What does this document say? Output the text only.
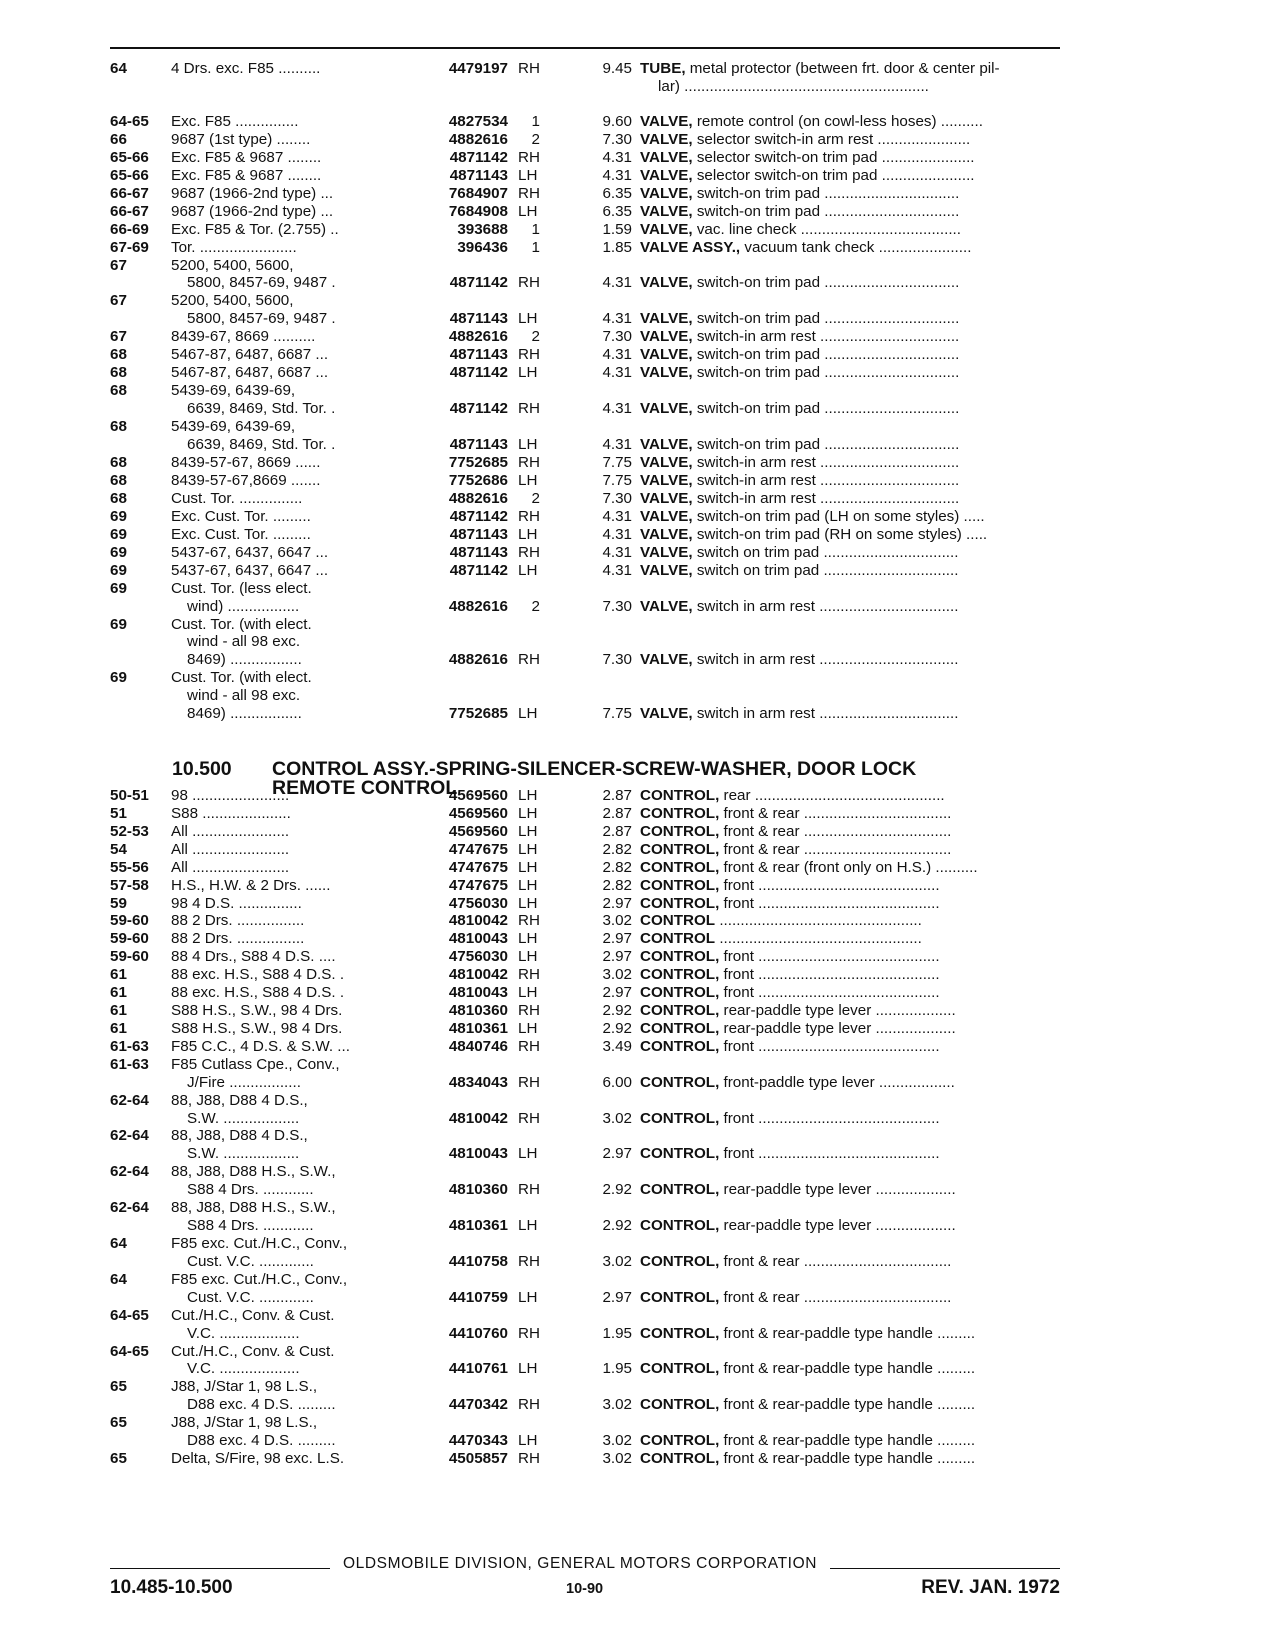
64	4 Drs. exc. F85 ..........	4479197 RH	9.45 TUBE, metal protector (between frt. door & center pil-
lar) ..........................................................
64-65 Exc. F85 ...............	4827534	1	9.60 VALVE, remote control (on cowl-less hoses) ..........
66	9687 (1st type) ........	4882616	2	7.30 VALVE, selector switch-in arm rest ......................
65-66 Exc. F85 & 9687 ........	4871142 RH	4.31 VALVE, selector switch-on trim pad ......................
65-66 Exc. F85 & 9687 ........	4871143 LH	4.31 VALVE, selector switch-on trim pad ......................
66-67 9687 (1966-2nd type) ...	7684907 RH	6.35 VALVE, switch-on trim pad ................................
66-67 9687 (1966-2nd type) ...	7684908 LH	6.35 VALVE, switch-on trim pad ................................
66-69 Exc. F85 & Tor. (2.755) ..	393688	1	1.59 VALVE, vac. line check ......................................
67-69 Tor. .......................	396436	1	1.85 VALVE ASSY., vacuum tank check ......................
67	5200, 5400, 5600,
5800, 8457-69, 9487 .	4871142 RH	4.31 VALVE, switch-on trim pad ................................
67	5200, 5400, 5600,
5800, 8457-69, 9487 .	4871143 LH	4.31 VALVE, switch-on trim pad ................................
67	8439-67, 8669 ..........	4882616	2	7.30 VALVE, switch-in arm rest .................................
68	5467-87, 6487, 6687 ...	4871143 RH	4.31 VALVE, switch-on trim pad ................................
68	5467-87, 6487, 6687 ...	4871142 LH	4.31 VALVE, switch-on trim pad ................................
68	5439-69, 6439-69,
6639, 8469, Std. Tor. .	4871142 RH	4.31 VALVE, switch-on trim pad ................................
68	5439-69, 6439-69,
6639, 8469, Std. Tor. .	4871143 LH	4.31 VALVE, switch-on trim pad ................................
68	8439-57-67, 8669 ......	7752685 RH	7.75 VALVE, switch-in arm rest .................................
68	8439-57-67,8669 .......	7752686 LH	7.75 VALVE, switch-in arm rest .................................
68	Cust. Tor. ...............	4882616	2	7.30 VALVE, switch-in arm rest .................................
69	Exc. Cust. Tor. .........	4871142 RH	4.31 VALVE, switch-on trim pad (LH on some styles) .....
69	Exc. Cust. Tor. .........	4871143 LH	4.31 VALVE, switch-on trim pad (RH on some styles) .....
69	5437-67, 6437, 6647 ...	4871143 RH	4.31 VALVE, switch on trim pad ................................
69	5437-67, 6437, 6647 ...	4871142 LH	4.31 VALVE, switch on trim pad ................................
69	Cust. Tor. (less elect.
wind) .................	4882616	2	7.30 VALVE, switch in arm rest .................................
69	Cust. Tor. (with elect.
wind - all 98 exc.
8469) .................	4882616 RH	7.30 VALVE, switch in arm rest .................................
69	Cust. Tor. (with elect.
wind - all 98 exc.
8469) .................	7752685 LH	7.75 VALVE, switch in arm rest .................................
10.500 CONTROL ASSY.-SPRING-SILENCER-SCREW-WASHER, DOOR LOCK
REMOTE CONTROL
50-51 98 .......................	4569560 LH	2.87 CONTROL, rear .............................................
51	S88 .....................	4569560 LH	2.87 CONTROL, front & rear ...................................
52-53 All .......................	4569560 LH	2.87 CONTROL, front & rear ...................................
54	All .......................	4747675 LH	2.82 CONTROL, front & rear ...................................
55-56 All .......................	4747675 LH	2.82 CONTROL, front & rear (front only on H.S.) ..........
57-58 H.S., H.W. & 2 Drs. ......	4747675 LH	2.82 CONTROL, front ...........................................
59	98 4 D.S. ...............	4756030 LH	2.97 CONTROL, front ...........................................
59-60 88 2 Drs. ................	4810042 RH	3.02 CONTROL ................................................
59-60 88 2 Drs. ................	4810043 LH	2.97 CONTROL ................................................
59-60 88 4 Drs., S88 4 D.S. ....	4756030 LH	2.97 CONTROL, front ...........................................
61	88 exc. H.S., S88 4 D.S. .	4810042 RH	3.02 CONTROL, front ...........................................
61	88 exc. H.S., S88 4 D.S. .	4810043 LH	2.97 CONTROL, front ...........................................
61	S88 H.S., S.W., 98 4 Drs.	4810360 RH	2.92 CONTROL, rear-paddle type lever ...................
61	S88 H.S., S.W., 98 4 Drs.	4810361 LH	2.92 CONTROL, rear-paddle type lever ...................
61-63 F85 C.C., 4 D.S. & S.W. ...	4840746 RH	3.49 CONTROL, front ...........................................
61-63 F85 Cutlass Cpe., Conv.,
J/Fire .................	4834043 RH	6.00 CONTROL, front-paddle type lever ..................
62-64 88, J88, D88 4 D.S.,
S.W. ..................	4810042 RH	3.02 CONTROL, front ...........................................
62-64 88, J88, D88 4 D.S.,
S.W. ..................	4810043 LH	2.97 CONTROL, front ...........................................
62-64 88, J88, D88 H.S., S.W.,
S88 4 Drs. ............	4810360 RH	2.92 CONTROL, rear-paddle type lever ...................
62-64 88, J88, D88 H.S., S.W.,
S88 4 Drs. ............	4810361 LH	2.92 CONTROL, rear-paddle type lever ...................
64	F85 exc. Cut./H.C., Conv.,
Cust. V.C. .............	4410758 RH	3.02 CONTROL, front & rear ...................................
64	F85 exc. Cut./H.C., Conv.,
Cust. V.C. .............	4410759 LH	2.97 CONTROL, front & rear ...................................
64-65 Cut./H.C., Conv. & Cust.
V.C. ...................	4410760 RH	1.95 CONTROL, front & rear-paddle type handle .........
64-65 Cut./H.C., Conv. & Cust.
V.C. ...................	4410761 LH	1.95 CONTROL, front & rear-paddle type handle .........
65	J88, J/Star 1, 98 L.S.,
D88 exc. 4 D.S. .........	4470342 RH	3.02 CONTROL, front & rear-paddle type handle .........
65	J88, J/Star 1, 98 L.S.,
D88 exc. 4 D.S. .........	4470343 LH	3.02 CONTROL, front & rear-paddle type handle .........
65	Delta, S/Fire, 98 exc. L.S.	4505857 RH	3.02 CONTROL, front & rear-paddle type handle .........
OLDSMOBILE DIVISION, GENERAL MOTORS CORPORATION
10.485-10.500	10-90	REV. JAN. 1972
